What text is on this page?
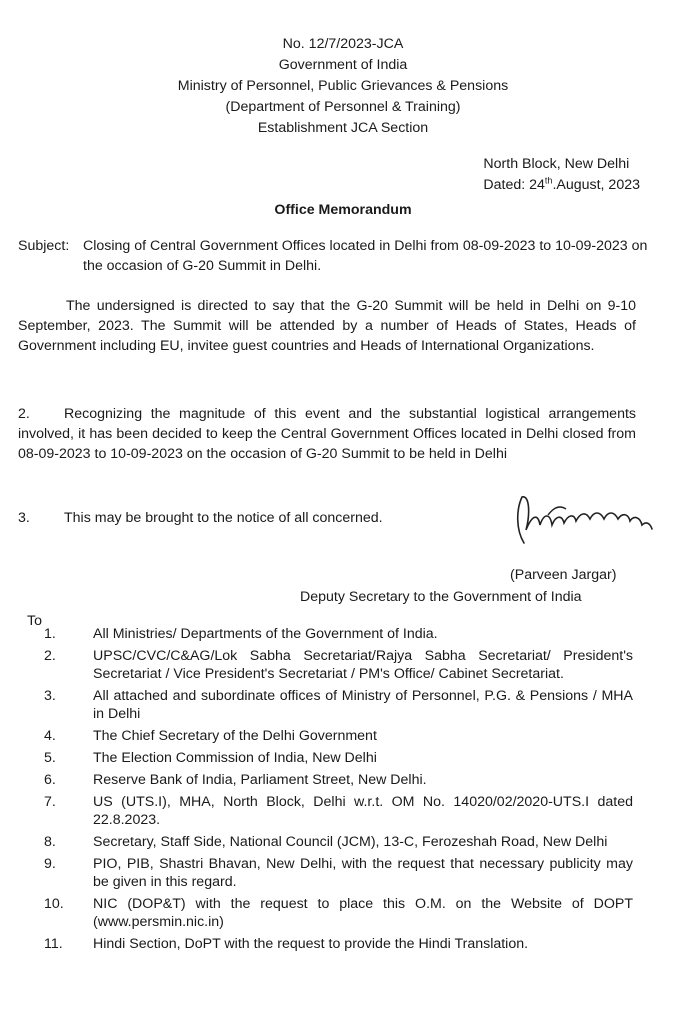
No. 12/7/2023-JCA
Government of India
Ministry of Personnel, Public Grievances & Pensions
(Department of Personnel & Training)
Establishment JCA Section
North Block, New Delhi
Dated: 24th.August, 2023
Office Memorandum
Subject: Closing of Central Government Offices located in Delhi from 08-09-2023 to 10-09-2023 on the occasion of G-20 Summit in Delhi.
The undersigned is directed to say that the G-20 Summit will be held in Delhi on 9-10 September, 2023. The Summit will be attended by a number of Heads of States, Heads of Government including EU, invitee guest countries and Heads of International Organizations.
2. Recognizing the magnitude of this event and the substantial logistical arrangements involved, it has been decided to keep the Central Government Offices located in Delhi closed from 08-09-2023 to 10-09-2023 on the occasion of G-20 Summit to be held in Delhi
3. This may be brought to the notice of all concerned.
(Parveen Jargar)
Deputy Secretary to the Government of India
To
1.	All Ministries/ Departments of the Government of India.
2.	UPSC/CVC/C&AG/Lok Sabha Secretariat/Rajya Sabha Secretariat/ President's Secretariat / Vice President's Secretariat / PM's Office/ Cabinet Secretariat.
3.	All attached and subordinate offices of Ministry of Personnel, P.G. & Pensions / MHA in Delhi
4.	The Chief Secretary of the Delhi Government
5.	The Election Commission of India, New Delhi
6.	Reserve Bank of India, Parliament Street, New Delhi.
7.	US (UTS.I), MHA, North Block, Delhi w.r.t. OM No. 14020/02/2020-UTS.I dated 22.8.2023.
8.	Secretary, Staff Side, National Council (JCM), 13-C, Ferozeshah Road, New Delhi
9.	PIO, PIB, Shastri Bhavan, New Delhi, with the request that necessary publicity may be given in this regard.
10. NIC (DOP&T) with the request to place this O.M. on the Website of DOPT (www.persmin.nic.in)
11. Hindi Section, DoPT with the request to provide the Hindi Translation.
